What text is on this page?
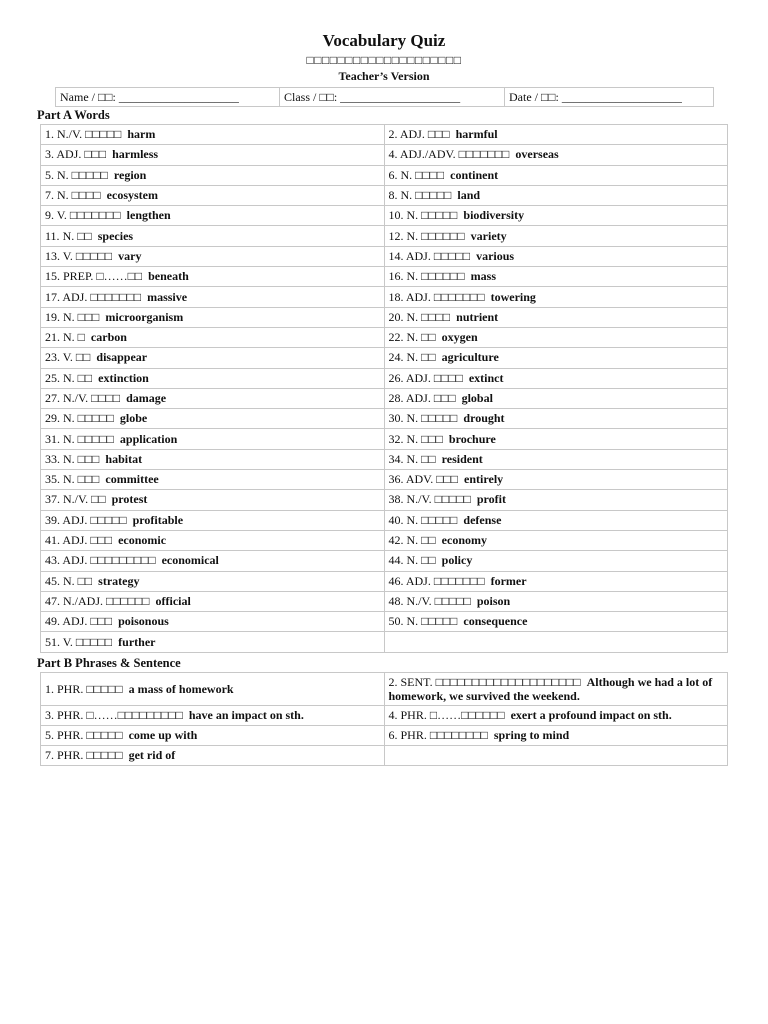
Vocabulary Quiz
□□□□□□□□□□□□□□□□□□□□
Teacher’s Version
Name / □□: ____________________	Class / □□: ____________________	Date / □□: ____________________
Part A Words
1. N./V. □□□□□ harm	2. ADJ. □□□ harmful
3. ADJ. □□□ harmless	4. ADJ./ADV. □□□□□□□ overseas
5. N. □□□□□ region	6. N. □□□□ continent
7. N. □□□□ ecosystem	8. N. □□□□□ land
9. V. □□□□□□□ lengthen	10. N. □□□□□ biodiversity
11. N. □□ species	12. N. □□□□□□ variety
13. V. □□□□□ vary	14. ADJ. □□□□□ various
15. PREP. □……□□ beneath	16. N. □□□□□□ mass
17. ADJ. □□□□□□□ massive	18. ADJ. □□□□□□□ towering
19. N. □□□ microorganism	20. N. □□□□ nutrient
21. N. □ carbon	22. N. □□ oxygen
23. V. □□ disappear	24. N. □□ agriculture
25. N. □□ extinction	26. ADJ. □□□□ extinct
27. N./V. □□□□ damage	28. ADJ. □□□ global
29. N. □□□□□ globe	30. N. □□□□□ drought
31. N. □□□□□ application	32. N. □□□ brochure
33. N. □□□ habitat	34. N. □□ resident
35. N. □□□ committee	36. ADV. □□□ entirely
37. N./V. □□ protest	38. N./V. □□□□□ profit
39. ADJ. □□□□□ profitable	40. N. □□□□□ defense
41. ADJ. □□□ economic	42. N. □□ economy
43. ADJ. □□□□□□□□□ economical	44. N. □□ policy
45. N. □□ strategy	46. ADJ. □□□□□□□ former
47. N./ADJ. □□□□□□ official	48. N./V. □□□□□ poison
49. ADJ. □□□ poisonous	50. N. □□□□□ consequence
51. V. □□□□□ further	
Part B Phrases & Sentence
1. PHR. □□□□□ a mass of homework	2. SENT. □□□□□□□□□□□□□□□□□□□□ Although we had a lot of homework, we survived the weekend.
3. PHR. □……□□□□□□□□□ have an impact on sth.	4. PHR. □……□□□□□□ exert a profound impact on sth.
5. PHR. □□□□□ come up with	6. PHR. □□□□□□□□ spring to mind
7. PHR. □□□□□ get rid of	
